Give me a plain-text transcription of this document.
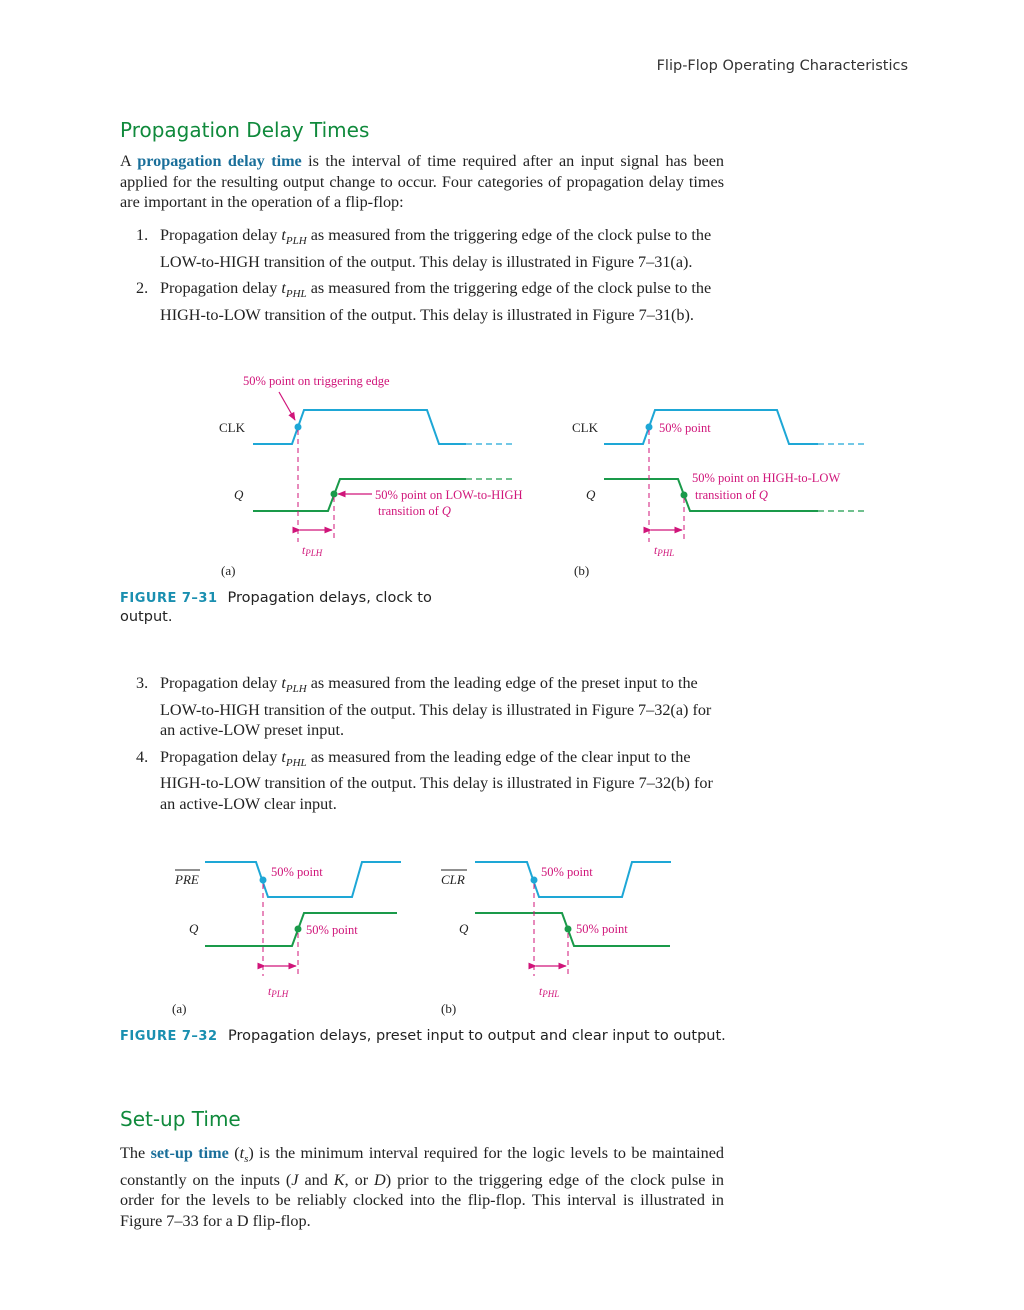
Flip-Flop Operating Characteristics
Propagation Delay Times

A propagation delay time is the interval of time required after an input signal has been applied for the resulting output change to occur. Four categories of propagation delay times are important in the operation of a flip-flop:

1. Propagation delay $t_{PLH}$ as measured from the triggering edge of the clock pulse to the LOW-to-HIGH transition of the output. This delay is illustrated in Figure 7–31(a).
2. Propagation delay $t_{PHL}$ as measured from the triggering edge of the clock pulse to the HIGH-to-LOW transition of the output. This delay is illustrated in Figure 7–31(b).
CLK
Q
50% point on triggering edge
50% point on LOW-to-HIGH
transition of Q
tPLH
(a)
CLK
Q
50% point
50% point on HIGH-to-LOW
transition of Q
tPHL
(b)
FIGURE 7–31 Propagation delays, clock to output.
3. Propagation delay $t_{PLH}$ as measured from the leading edge of the preset input to the LOW-to-HIGH transition of the output. This delay is illustrated in Figure 7–32(a) for an active-LOW preset input.
4. Propagation delay $t_{PHL}$ as measured from the leading edge of the clear input to the HIGH-to-LOW transition of the output. This delay is illustrated in Figure 7–32(b) for an active-LOW clear input.
PRE
Q
50% point
50% point
tPLH
(a)
CLR
Q
50% point
50% point
tPHL
(b)
FIGURE 7–32 Propagation delays, preset input to output and clear input to output.
Set-up Time

The set-up time $(t_s)$ is the minimum interval required for the logic levels to be maintained constantly on the inputs (J and K, or D) prior to the triggering edge of the clock pulse in order for the levels to be reliably clocked into the flip-flop. This interval is illustrated in Figure 7–33 for a D flip-flop.
